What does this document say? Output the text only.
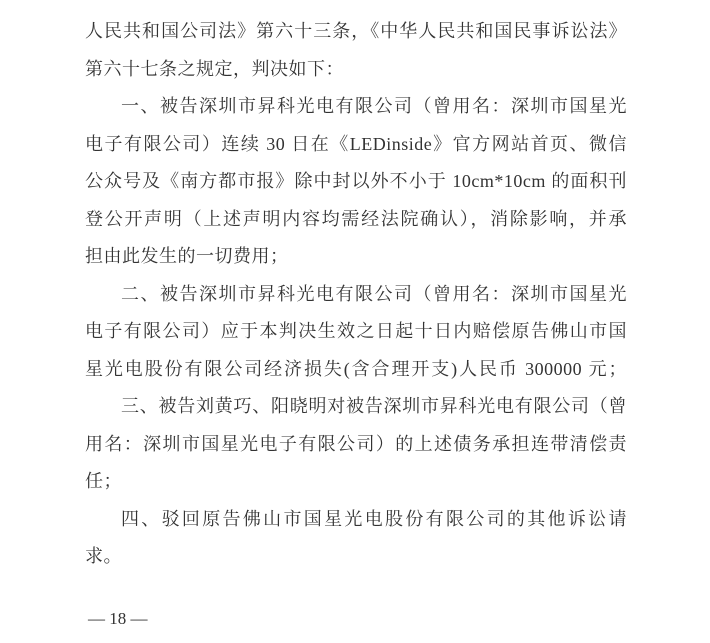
人民共和国公司法》第六十三条，《中华人民共和国民事诉讼法》
第六十七条之规定，判决如下：
一、被告深圳市昇科光电有限公司（曾用名：深圳市国星光
电子有限公司）连续 30 日在《LEDinside》官方网站首页、微信
公众号及《南方都市报》除中封以外不小于 10cm*10cm 的面积刊
登公开声明（上述声明内容均需经法院确认），消除影响，并承
担由此发生的一切费用；
二、被告深圳市昇科光电有限公司（曾用名：深圳市国星光
电子有限公司）应于本判决生效之日起十日内赔偿原告佛山市国
星光电股份有限公司经济损失(含合理开支)人民币 300000 元；
三、被告刘黄巧、阳晓明对被告深圳市昇科光电有限公司（曾
用名：深圳市国星光电子有限公司）的上述债务承担连带清偿责
任；
四、驳回原告佛山市国星光电股份有限公司的其他诉讼请
求。
— 18 —
